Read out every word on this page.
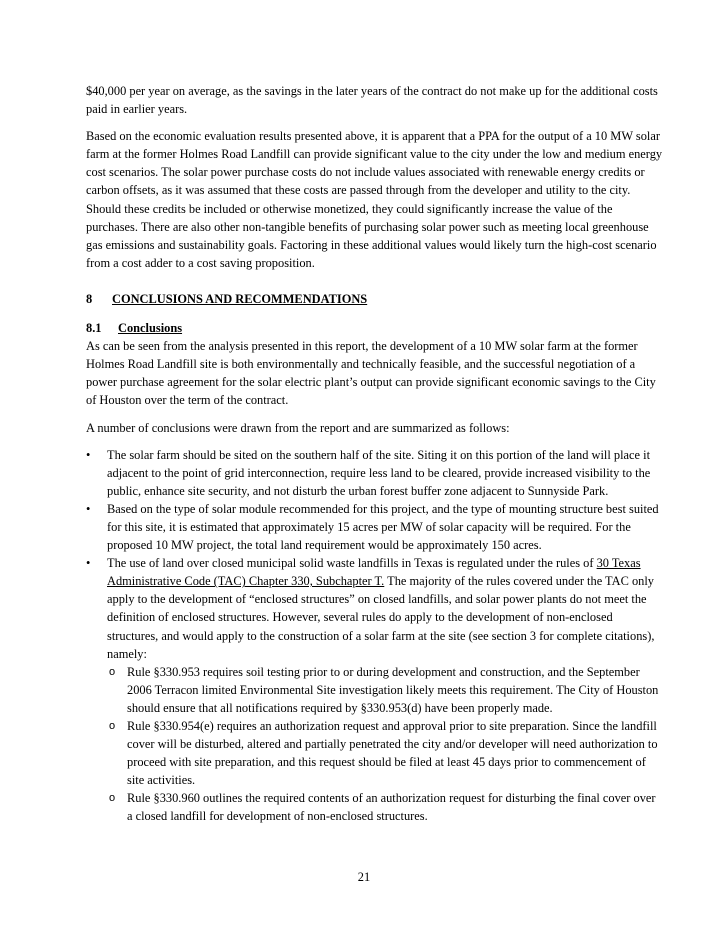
$40,000 per year on average, as the savings in the later years of the contract do not make up for the additional costs paid in earlier years.

Based on the economic evaluation results presented above, it is apparent that a PPA for the output of a 10 MW solar farm at the former Holmes Road Landfill can provide significant value to the city under the low and medium energy cost scenarios. The solar power purchase costs do not include values associated with renewable energy credits or carbon offsets, as it was assumed that these costs are passed through from the developer and utility to the city. Should these credits be included or otherwise monetized, they could significantly increase the value of the purchases. There are also other non-tangible benefits of purchasing solar power such as meeting local greenhouse gas emissions and sustainability goals. Factoring in these additional values would likely turn the high-cost scenario from a cost adder to a cost saving proposition.

8 CONCLUSIONS AND RECOMMENDATIONS
8.1 Conclusions

As can be seen from the analysis presented in this report, the development of a 10 MW solar farm at the former Holmes Road Landfill site is both environmentally and technically feasible, and the successful negotiation of a power purchase agreement for the solar electric plant’s output can provide significant economic savings to the City of Houston over the term of the contract.

A number of conclusions were drawn from the report and are summarized as follows:

•	The solar farm should be sited on the southern half of the site. Siting it on this portion of the land will place it adjacent to the point of grid interconnection, require less land to be cleared, provide increased visibility to the public, enhance site security, and not disturb the urban forest buffer zone adjacent to Sunnyside Park.
•	Based on the type of solar module recommended for this project, and the type of mounting structure best suited for this site, it is estimated that approximately 15 acres per MW of solar capacity will be required. For the proposed 10 MW project, the total land requirement would be approximately 150 acres.
•	The use of land over closed municipal solid waste landfills in Texas is regulated under the rules of 30 Texas Administrative Code (TAC) Chapter 330, Subchapter T. The majority of the rules covered under the TAC only apply to the development of “enclosed structures” on closed landfills, and solar power plants do not meet the definition of enclosed structures. However, several rules do apply to the development of non-enclosed structures, and would apply to the construction of a solar farm at the site (see section 3 for complete citations), namely:
o Rule §330.953 requires soil testing prior to or during development and construction, and the September 2006 Terracon limited Environmental Site investigation likely meets this requirement. The City of Houston should ensure that all notifications required by §330.953(d) have been properly made.
o Rule §330.954(e) requires an authorization request and approval prior to site preparation. Since the landfill cover will be disturbed, altered and partially penetrated the city and/or developer will need authorization to proceed with site preparation, and this request should be filed at least 45 days prior to commencement of site activities.
o Rule §330.960 outlines the required contents of an authorization request for disturbing the final cover over a closed landfill for development of non-enclosed structures.
21
